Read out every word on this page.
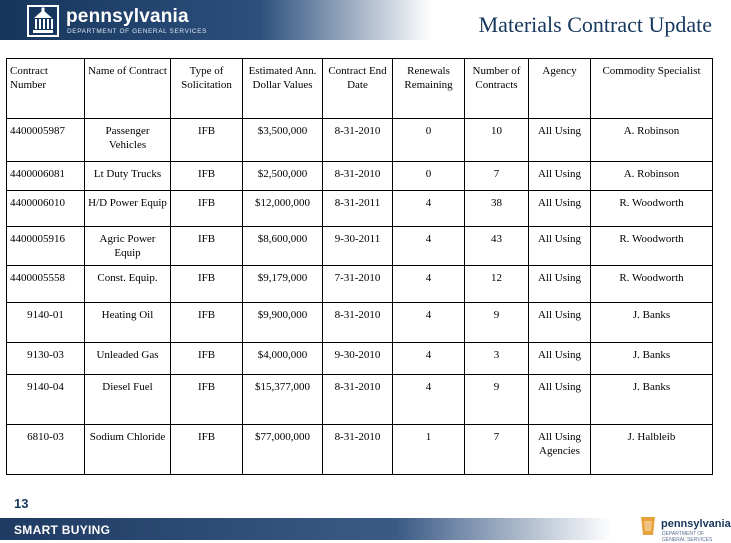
pennsylvania
DEPARTMENT OF GENERAL SERVICES	Materials Contract Update
Contract Number	Name of Contract	Type of Solicitation	Estimated Ann. Dollar Values	Contract End Date	Renewals Remaining	Number of Contracts	Agency	Commodity Specialist
4400005987	Passenger Vehicles	IFB	$3,500,000	8-31-2010	0	10	All Using	A. Robinson
4400006081	Lt Duty Trucks	IFB	$2,500,000	8-31-2010	0	7	All Using	A. Robinson
4400006010	H/D Power Equip	IFB	$12,000,000	8-31-2011	4	38	All Using	R. Woodworth
4400005916	Agric Power Equip	IFB	$8,600,000	9-30-2011	4	43	All Using	R. Woodworth
4400005558	Const. Equip.	IFB	$9,179,000	7-31-2010	4	12	All Using	R. Woodworth
9140-01	Heating Oil	IFB	$9,900,000	8-31-2010	4	9	All Using	J. Banks
9130-03	Unleaded Gas	IFB	$4,000,000	9-30-2010	4	3	All Using	J. Banks
9140-04	Diesel Fuel	IFB	$15,377,000	8-31-2010	4	9	All Using	J. Banks
6810-03	Sodium Chloride	IFB	$77,000,000	8-31-2010	1	7	All Using Agencies	J. Halbleib
13
SMART BUYING	pennsylvania
DEPARTMENT OF GENERAL SERVICES
